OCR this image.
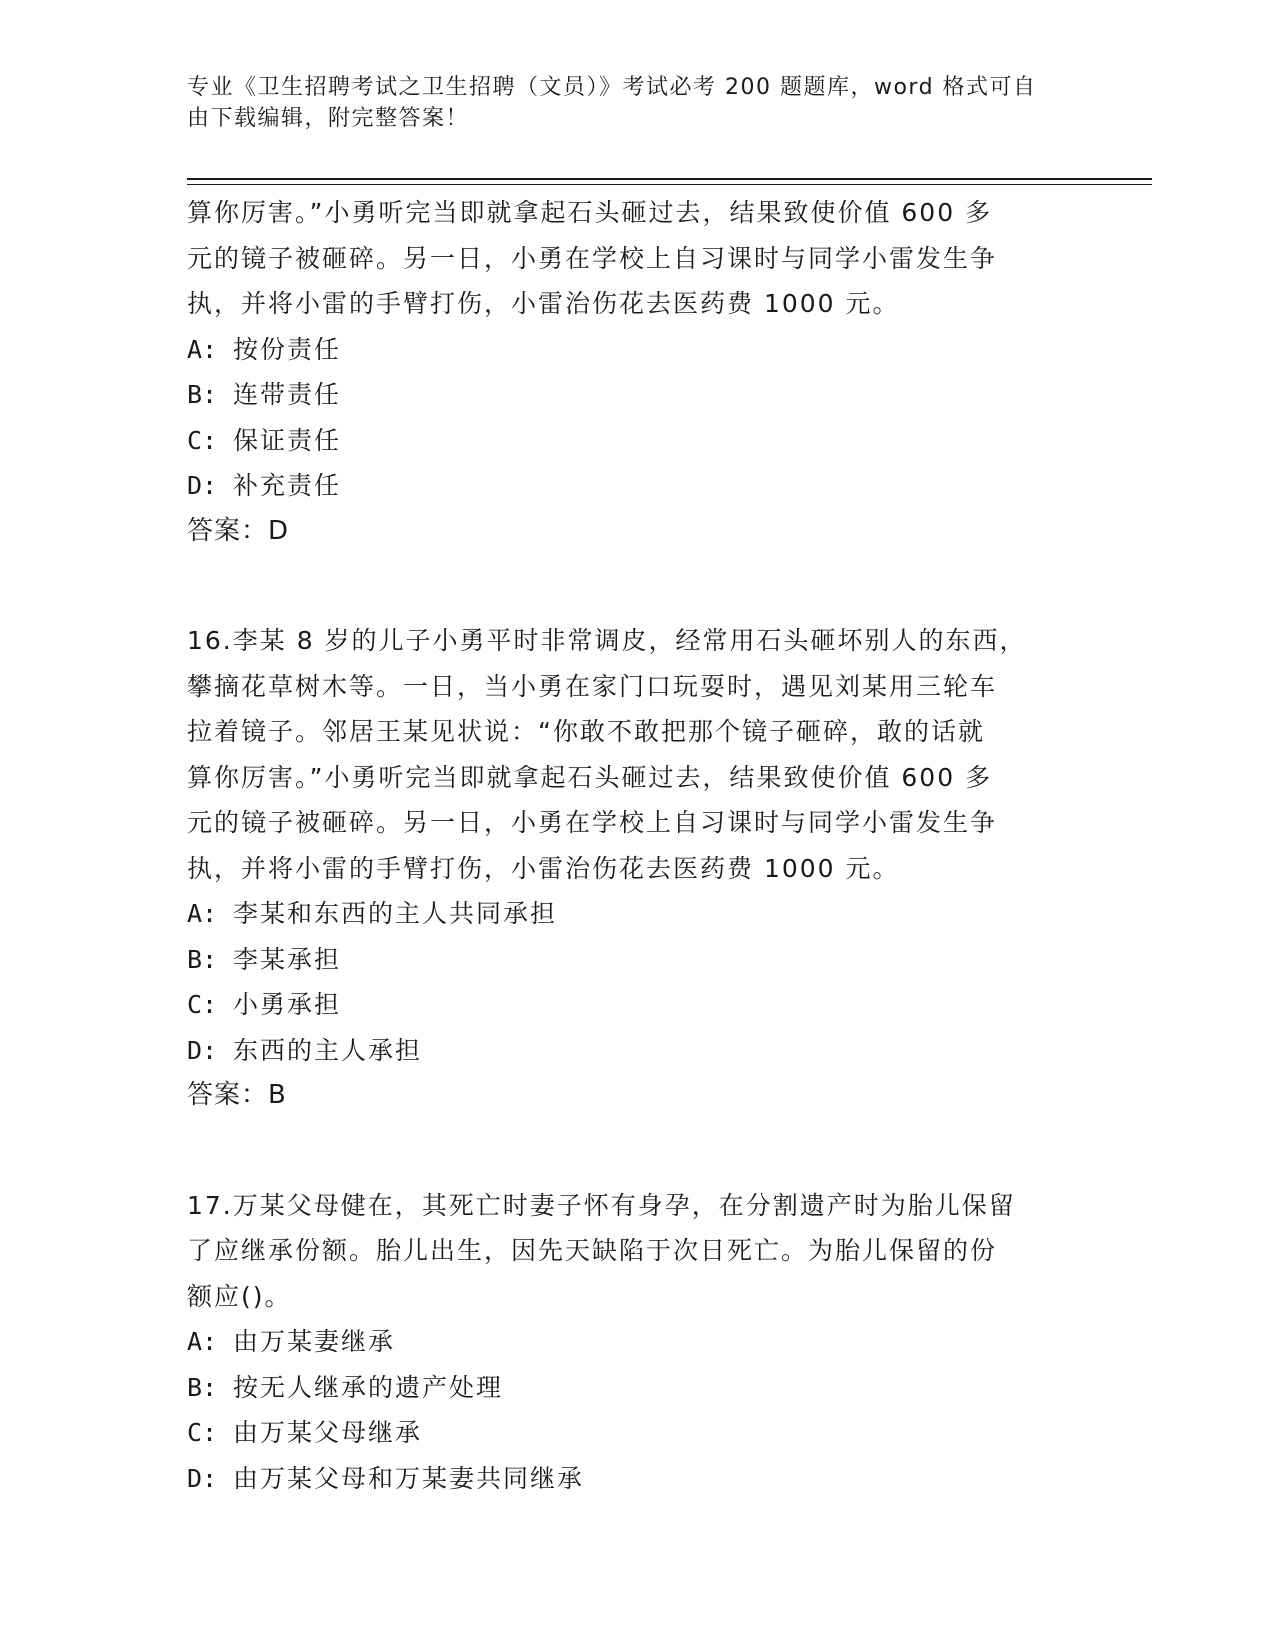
专业《卫生招聘考试之卫生招聘（文员）》考试必考 200 题题库，word 格式可自
由下载编辑，附完整答案！

算你厉害。”小勇听完当即就拿起石头砸过去，结果致使价值 600 多

元的镜子被砸碎。另一日，小勇在学校上自习课时与同学小雷发生争

执，并将小雷的手臂打伤，小雷治伤花去医药费 1000 元。

A: 按份责任

B: 连带责任

C: 保证责任

D: 补充责任

答案：D

16.李某 8 岁的儿子小勇平时非常调皮，经常用石头砸坏别人的东西，

攀摘花草树木等。一日，当小勇在家门口玩耍时，遇见刘某用三轮车

拉着镜子。邻居王某见状说：“你敢不敢把那个镜子砸碎，敢的话就

算你厉害。”小勇听完当即就拿起石头砸过去，结果致使价值 600 多

元的镜子被砸碎。另一日，小勇在学校上自习课时与同学小雷发生争

执，并将小雷的手臂打伤，小雷治伤花去医药费 1000 元。

A: 李某和东西的主人共同承担

B: 李某承担

C: 小勇承担

D: 东西的主人承担

答案：B

17.万某父母健在，其死亡时妻子怀有身孕，在分割遗产时为胎儿保留

了应继承份额。胎儿出生，因先天缺陷于次日死亡。为胎儿保留的份

额应()。

A: 由万某妻继承

B: 按无人继承的遗产处理

C: 由万某父母继承

D: 由万某父母和万某妻共同继承
